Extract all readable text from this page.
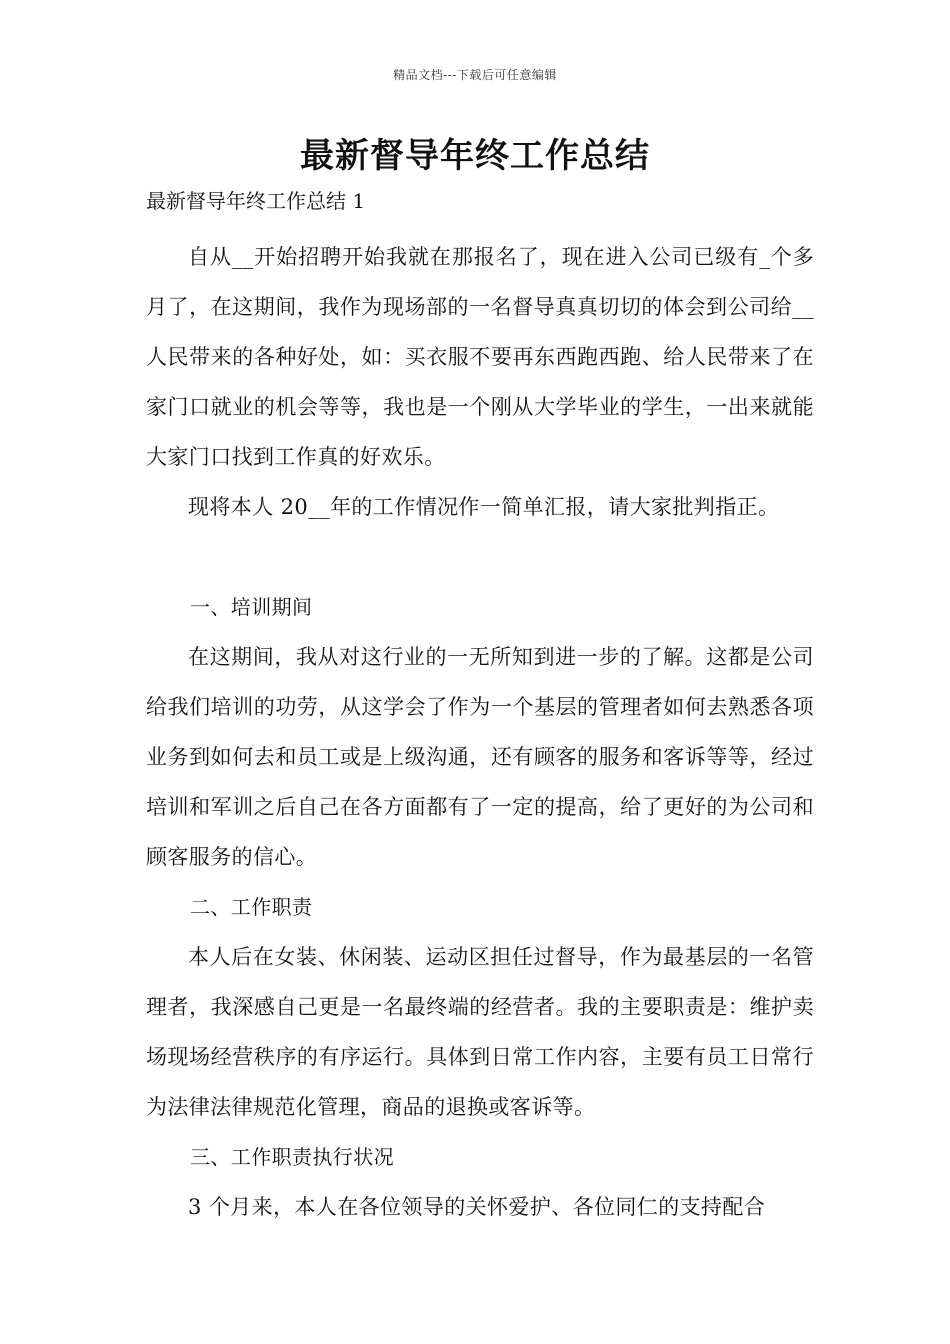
精品文档---下载后可任意编辑
最新督导年终工作总结
最新督导年终工作总结 1

自从__开始招聘开始我就在那报名了，现在进入公司已级有_个多月了，在这期间，我作为现场部的一名督导真真切切的体会到公司给__人民带来的各种好处，如：买衣服不要再东西跑西跑、给人民带来了在家门口就业的机会等等，我也是一个刚从大学毕业的学生，一出来就能大家门口找到工作真的好欢乐。

现将本人 20__年的工作情况作一简单汇报，请大家批判指正。

一、培训期间

在这期间，我从对这行业的一无所知到进一步的了解。这都是公司给我们培训的功劳，从这学会了作为一个基层的管理者如何去熟悉各项业务到如何去和员工或是上级沟通，还有顾客的服务和客诉等等，经过培训和军训之后自己在各方面都有了一定的提高，给了更好的为公司和顾客服务的信心。

二、工作职责

本人后在女装、休闲装、运动区担任过督导，作为最基层的一名管理者，我深感自己更是一名最终端的经营者。我的主要职责是：维护卖场现场经营秩序的有序运行。具体到日常工作内容，主要有员工日常行为法律法律规范化管理，商品的退换或客诉等。

三、工作职责执行状况

3 个月来，本人在各位领导的关怀爱护、各位同仁的支持配合
